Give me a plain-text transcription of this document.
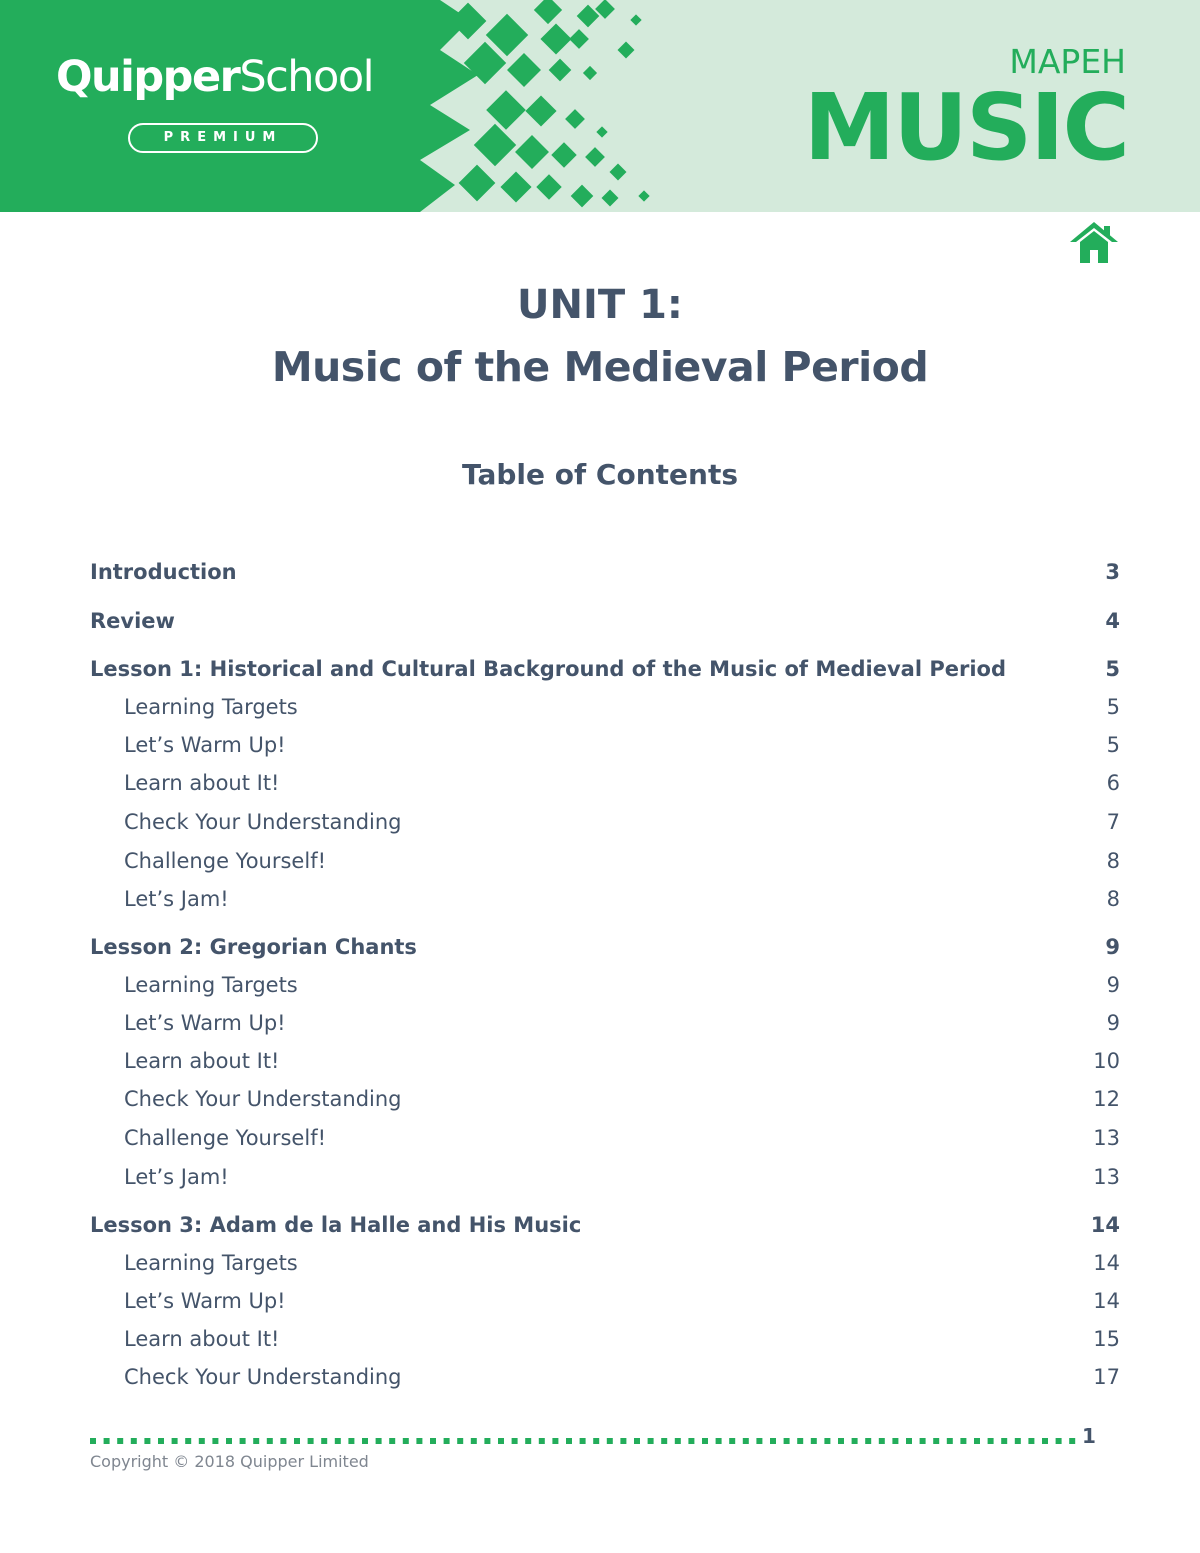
QuipperSchool
PREMIUM
MAPEH
MUSIC
UNIT 1:
Music of the Medieval Period
Table of Contents
Introduction	3
Review	4
Lesson 1: Historical and Cultural Background of the Music of Medieval Period	5
Learning Targets	5
Let’s Warm Up!	5
Learn about It!	6
Check Your Understanding	7
Challenge Yourself!	8
Let’s Jam!	8
Lesson 2: Gregorian Chants	9
Learning Targets	9
Let’s Warm Up!	9
Learn about It!	10
Check Your Understanding	12
Challenge Yourself!	13
Let’s Jam!	13
Lesson 3: Adam de la Halle and His Music	14
Learning Targets	14
Let’s Warm Up!	14
Learn about It!	15
Check Your Understanding	17
1
Copyright © 2018 Quipper Limited
